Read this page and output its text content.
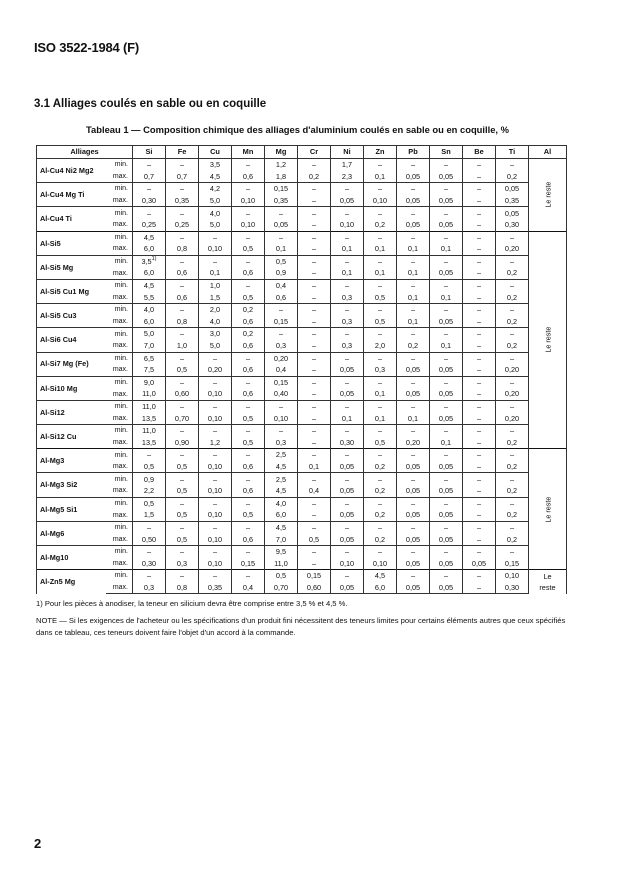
ISO 3522-1984 (F)
3.1 Alliages coulés en sable ou en coquille
Tableau 1 — Composition chimique des alliages d'aluminium coulés en sable ou en coquille, %
Alliages		Si	Fe	Cu	Mn	Mg	Cr	Ni	Zn	Pb	Sn	Be	Ti	Al
Al-Cu4 Ni2 Mg2	min.	–	–	3,5	–	1,2	–	1,7	–	–	–	–	–	Le reste
	max.	0,7	0,7	4,5	0,6	1,8	0,2	2,3	0,1	0,05	0,05	–	0,2	
Al-Cu4 Mg Ti	min.	–	–	4,2	–	0,15	–	–	–	–	–	–	0,05	
	max.	0,30	0,35	5,0	0,10	0,35	–	0,05	0,10	0,05	0,05	–	0,35	
Al-Cu4 Ti	min.	–	–	4,0	–	–	–	–	–	–	–	–	0,05	
	max.	0,25	0,25	5,0	0,10	0,05	–	0,10	0,2	0,05	0,05	–	0,30	
Al-Si5	min.	4,5	–	–	–	–	–	–	–	–	–	–	–	Le reste
	max.	6,0	0,8	0,10	0,5	0,1	–	0,1	0,1	0,1	0,1	–	0,20	
Al-Si5 Mg	min.	3,5$^{1)}$	–	–	–	0,5	–	–	–	–	–	–	–	
	max.	6,0	0,6	0,1	0,6	0,9	–	0,1	0,1	0,1	0,05	–	0,2	
Al-Si5 Cu1 Mg	min.	4,5	–	1,0	–	0,4	–	–	–	–	–	–	–	
	max.	5,5	0,6	1,5	0,5	0,6	–	0,3	0,5	0,1	0,1	–	0,2	
Al-Si5 Cu3	min.	4,0	–	2,0	0,2	–	–	–	–	–	–	–	–	
	max.	6,0	0,8	4,0	0,6	0,15	–	0,3	0,5	0,1	0,05	–	0,2	
Al-Si6 Cu4	min.	5,0	–	3,0	0,2	–	–	–	–	–	–	–	–	
	max.	7,0	1,0	5,0	0,6	0,3	–	0,3	2,0	0,2	0,1	–	0,2	
Al-Si7 Mg (Fe)	min.	6,5	–	–	–	0,20	–	–	–	–	–	–	–	
	max.	7,5	0,5	0,20	0,6	0,4	–	0,05	0,3	0,05	0,05	–	0,20	
Al-Si10 Mg	min.	9,0	–	–	–	0,15	–	–	–	–	–	–	–	
	max.	11,0	0,60	0,10	0,6	0,40	–	0,05	0,1	0,05	0,05	–	0,20	
Al-Si12	min.	11,0	–	–	–	–	–	–	–	–	–	–	–	
	max.	13,5	0,70	0,10	0,5	0,10	–	0,1	0,1	0,1	0,05	–	0,20	
Al-Si12 Cu	min.	11,0	–	–	–	–	–	–	–	–	–	–	–	
	max.	13,5	0,90	1,2	0,5	0,3	–	0,30	0,5	0,20	0,1	–	0,2	
Al-Mg3	min.	–	–	–	–	2,5	–	–	–	–	–	–	–	Le reste
	max.	0,5	0,5	0,10	0,6	4,5	0,1	0,05	0,2	0,05	0,05	–	0,2	
Al-Mg3 Si2	min.	0,9	–	–	–	2,5	–	–	–	–	–	–	–	
	max.	2,2	0,5	0,10	0,6	4,5	0,4	0,05	0,2	0,05	0,05	–	0,2	
Al-Mg5 Si1	min.	0,5	–	–	–	4,0	–	–	–	–	–	–	–	
	max.	1,5	0,5	0,10	0,5	6,0	–	0,05	0,2	0,05	0,05	–	0,2	
Al-Mg6	min.	–	–	–	–	4,5	–	–	–	–	–	–	–	
	max.	0,50	0,5	0,10	0,6	7,0	0,5	0,05	0,2	0,05	0,05	–	0,2	
Al-Mg10	min.	–	–	–	–	9,5	–	–	–	–	–	–	–	
	max.	0,30	0,3	0,10	0,15	11,0	–	0,10	0,10	0,05	0,05	0,05	0,15	
Al-Zn5 Mg	min.	–	–	–	–	0,5	0,15	–	4,5	–	–	–	0,10	Le
reste
	max.	0,3	0,8	0,35	0,4	0,70	0,60	0,05	6,0	0,05	0,05	–	0,30	
1) Pour les pièces à anodiser, la teneur en silicium devra être comprise entre 3,5 % et 4,5 %.
NOTE — Si les exigences de l'acheteur ou les spécifications d'un produit fini nécessitent des teneurs limites pour certains éléments autres que ceux spécifiés dans ce tableau, ces teneurs doivent faire l'objet d'un accord à la commande.
2
